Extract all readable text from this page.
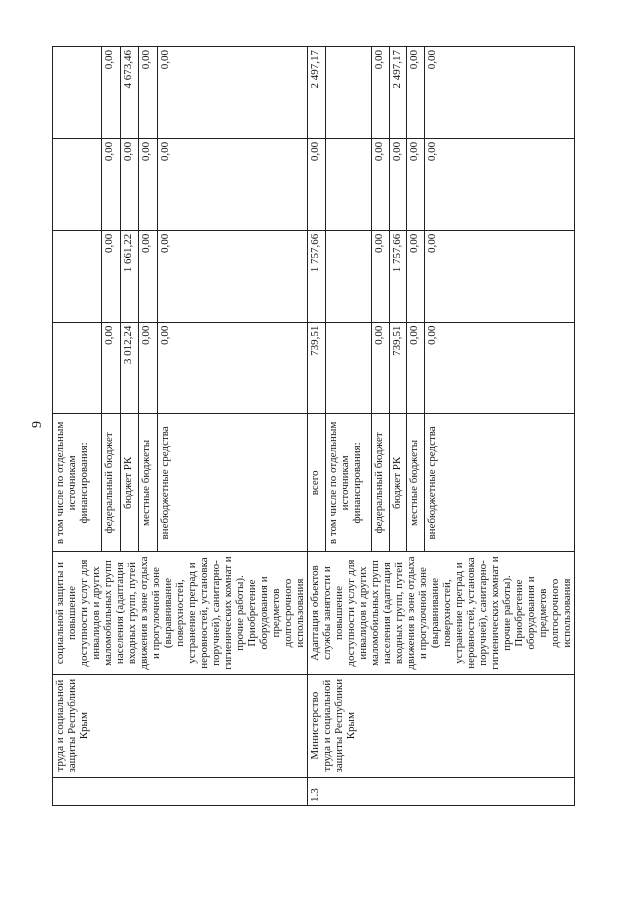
9
	труда и социальной защиты Республики Крым	социальной защиты и повышение доступности услуг для инвалидов и других маломобильных групп населения (адаптация входных групп, путей движения в зоне отдыха и прогулочной зоне (выравнивание поверхностей, устранение преград и неровностей, установка поручней), санитарно-гигиенических комнат и прочие работы). Приобретение оборудования и предметов долгосрочного использования	в том числе по отдельным источникам финансирования:				
			федеральный бюджет	0,00	0,00	0,00	0,00
			бюджет РК	3 012,24	1 661,22	0,00	4 673,46
			местные бюджеты	0,00	0,00	0,00	0,00
			внебюджетные средства	0,00	0,00	0,00	0,00
1.3	Министерство труда и социальной защиты Республики Крым	Адаптация объектов службы занятости и повышение доступности услуг для инвалидов и других маломобильных групп населения (адаптация входных групп, путей движения в зоне отдыха и прогулочной зоне (выравнивание поверхностей, устранение преград и неровностей, установка поручней), санитарно-гигиенических комнат и прочие работы). Приобретение оборудования и предметов долгосрочного использования	всего	739,51	1 757,66	0,00	2 497,17
			в том числе по отдельным источникам финансирования:				
			федеральный бюджет	0,00	0,00	0,00	0,00
			бюджет РК	739,51	1 757,66	0,00	2 497,17
			местные бюджеты	0,00	0,00	0,00	0,00
			внебюджетные средства	0,00	0,00	0,00	0,00
